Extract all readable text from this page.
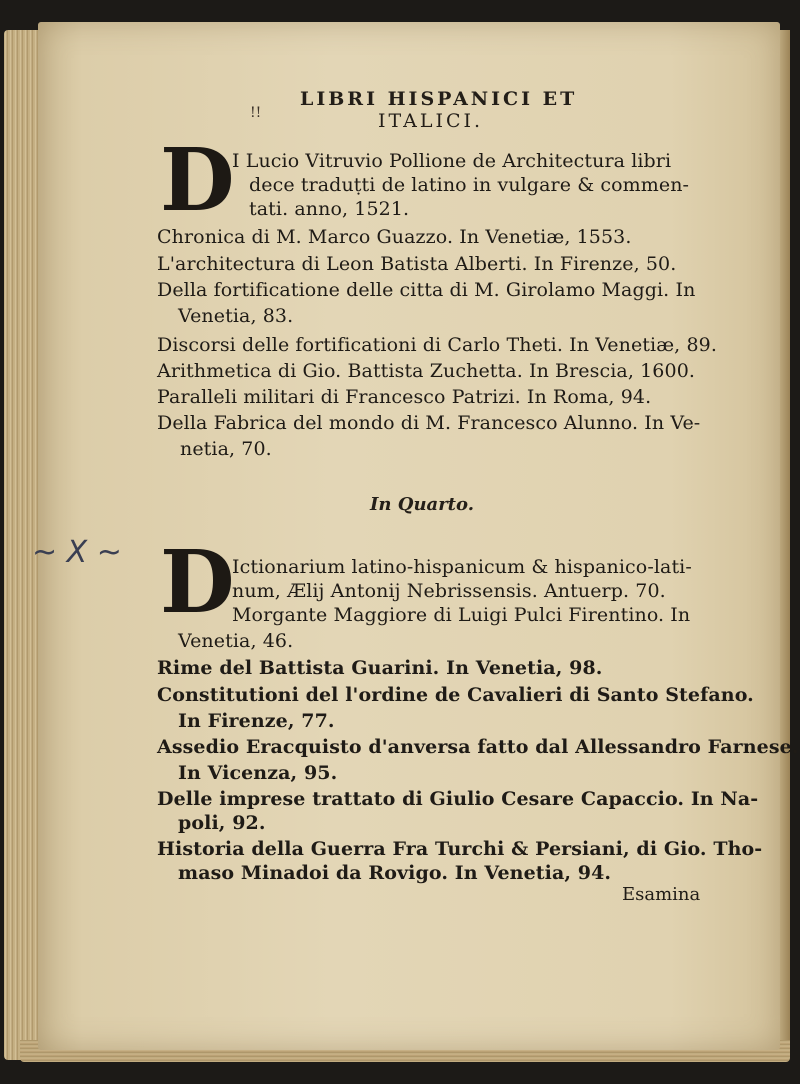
!!
LIBRI HISPANICI ET
ITALICI.
D
I Lucio Vitruvio Pollione de Architectura libri
dece traduṭti de latino in vulgare & commen-
tati. anno, 1521.
Chronica di M. Marco Guazzo. In Venetiæ, 1553.
L'architectura di Leon Batista Alberti. In Firenze, 50.
Della fortificatione delle citta di M. Girolamo Maggi. In
Venetia, 83.
Discorsi delle fortificationi di Carlo Theti. In Venetiæ, 89.
Arithmetica di Gio. Battista Zuchetta. In Brescia, 1600.
Paralleli militari di Francesco Patrizi. In Roma, 94.
Della Fabrica del mondo di M. Francesco Alunno. In Ve-
netia, 70.
In Quarto.
~ X ~ D
Ictionarium latino-hispanicum & hispanico-lati-
num, Ælij Antonij Nebrissensis. Antuerp. 70.
Morgante Maggiore di Luigi Pulci Firentino. In
Venetia, 46.
Rime del Battista Guarini. In Venetia, 98.
Constitutioni del l'ordine de Cavalieri di Santo Stefano.
In Firenze, 77.
Assedio Eracquisto d'anversa fatto dal Allessandro Farnese.
In Vicenza, 95.
Delle imprese trattato di Giulio Cesare Capaccio. In Na-
poli, 92.
Historia della Guerra Fra Turchi & Persiani, di Gio. Tho-
maso Minadoi da Rovigo. In Venetia, 94.
Esamina
